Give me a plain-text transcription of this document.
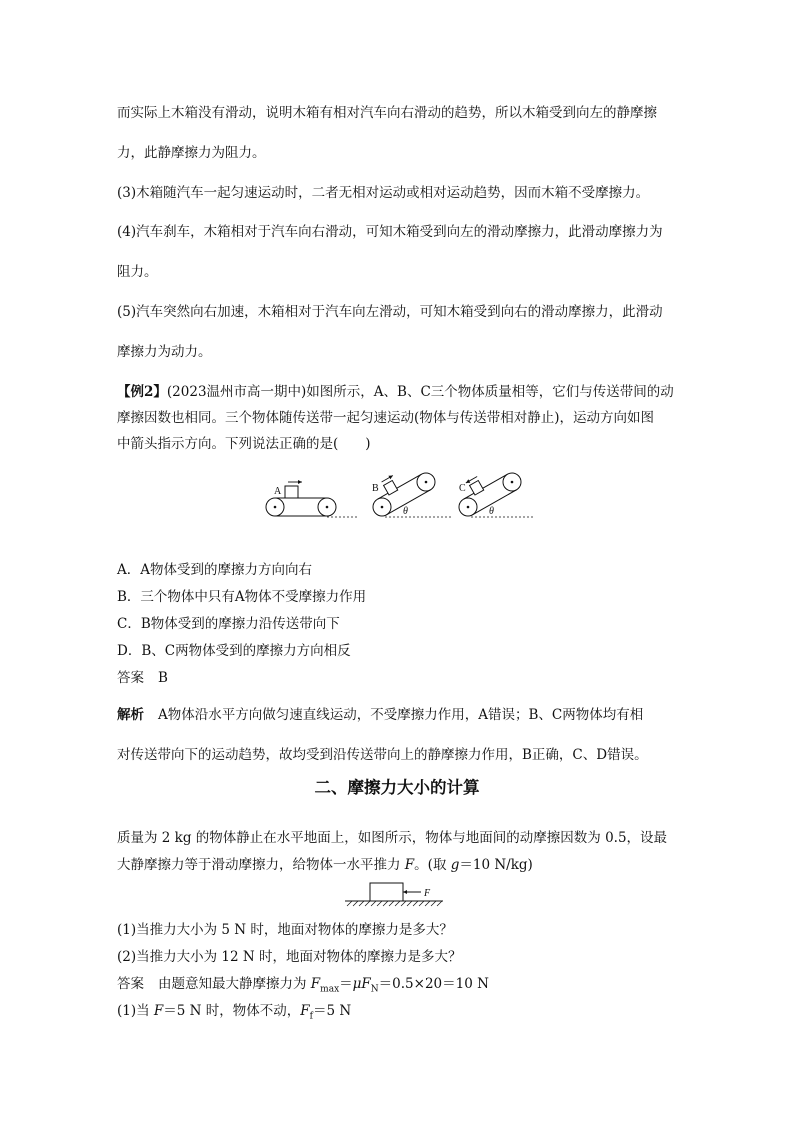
而实际上木箱没有滑动，说明木箱有相对汽车向右滑动的趋势，所以木箱受到向左的静摩擦
力，此静摩擦力为阻力。
(3)木箱随汽车一起匀速运动时，二者无相对运动或相对运动趋势，因而木箱不受摩擦力。
(4)汽车刹车，木箱相对于汽车向右滑动，可知木箱受到向左的滑动摩擦力，此滑动摩擦力为
阻力。
(5)汽车突然向右加速，木箱相对于汽车向左滑动，可知木箱受到向右的滑动摩擦力，此滑动
摩擦力为动力。
【例2】(2023温州市高一期中)如图所示，A、B、C三个物体质量相等，它们与传送带间的动
摩擦因数也相同。三个物体随传送带一起匀速运动(物体与传送带相对静止)，运动方向如图
中箭头指示方向。下列说法正确的是(　　)
A	B
θ
C
θ
A．A物体受到的摩擦力方向向右
B．三个物体中只有A物体不受摩擦力作用
C．B物体受到的摩擦力沿传送带向下
D．B、C两物体受到的摩擦力方向相反
答案 B
解析 A物体沿水平方向做匀速直线运动，不受摩擦力作用，A错误；B、C两物体均有相
对传送带向下的运动趋势，故均受到沿传送带向上的静摩擦力作用，B正确，C、D错误。
二、摩擦力大小的计算
质量为 2 kg 的物体静止在水平地面上，如图所示，物体与地面间的动摩擦因数为 0.5，设最
大静摩擦力等于滑动摩擦力，给物体一水平推力 F。(取 g＝10 N/kg)
F
(1)当推力大小为 5 N 时，地面对物体的摩擦力是多大？
(2)当推力大小为 12 N 时，地面对物体的摩擦力是多大？
答案 由题意知最大静摩擦力为 $F_{max}=\mu F_N=0.5\times 20=10$ N
(1)当 F＝5 N 时，物体不动，$F_f=5$ N
